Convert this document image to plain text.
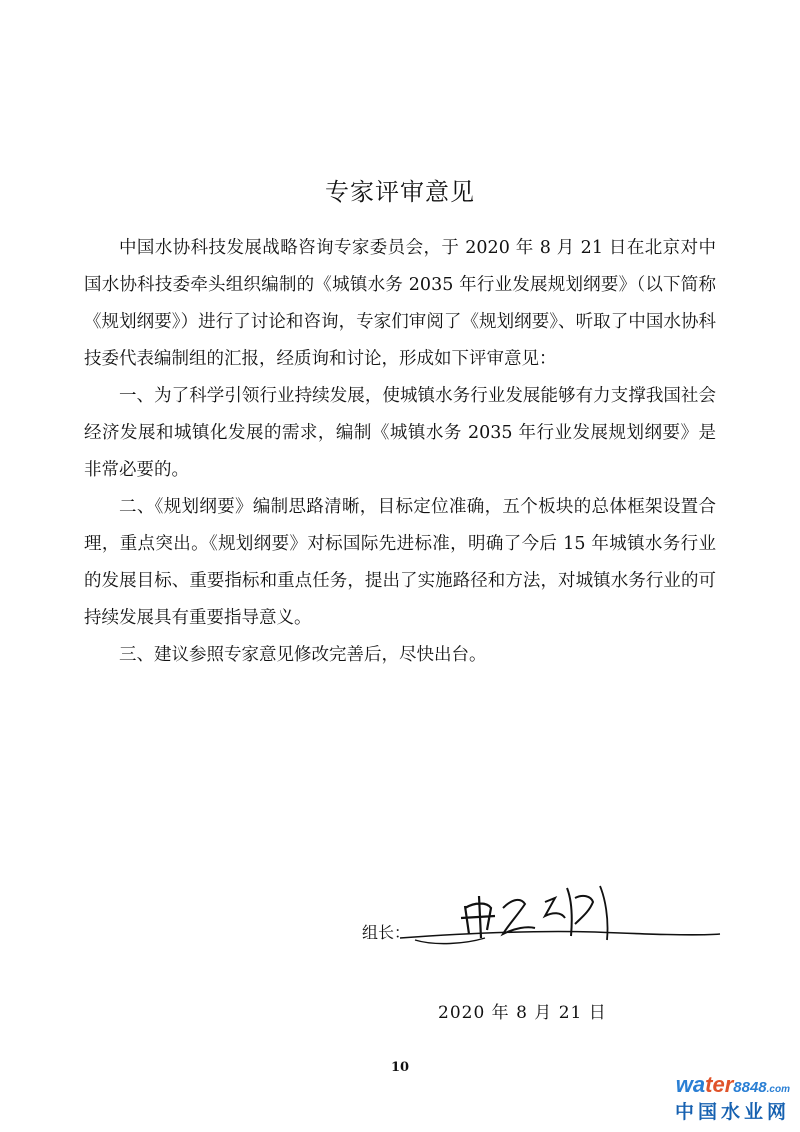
专家评审意见

中国水协科技发展战略咨询专家委员会，于 2020 年 8 月 21 日在北京对中国水协科技委牵头组织编制的《城镇水务 2035 年行业发展规划纲要》（以下简称《规划纲要》）进行了讨论和咨询，专家们审阅了《规划纲要》、听取了中国水协科技委代表编制组的汇报，经质询和讨论，形成如下评审意见：

一、为了科学引领行业持续发展，使城镇水务行业发展能够有力支撑我国社会经济发展和城镇化发展的需求，编制《城镇水务 2035 年行业发展规划纲要》是非常必要的。

二、《规划纲要》编制思路清晰，目标定位准确，五个板块的总体框架设置合理，重点突出。《规划纲要》对标国际先进标准，明确了今后 15 年城镇水务行业的发展目标、重要指标和重点任务，提出了实施路径和方法，对城镇水务行业的可持续发展具有重要指导意义。

三、建议参照专家意见修改完善后，尽快出台。

组长：
2020 年 8 月 21 日
10
water8848.com
中国水业网
